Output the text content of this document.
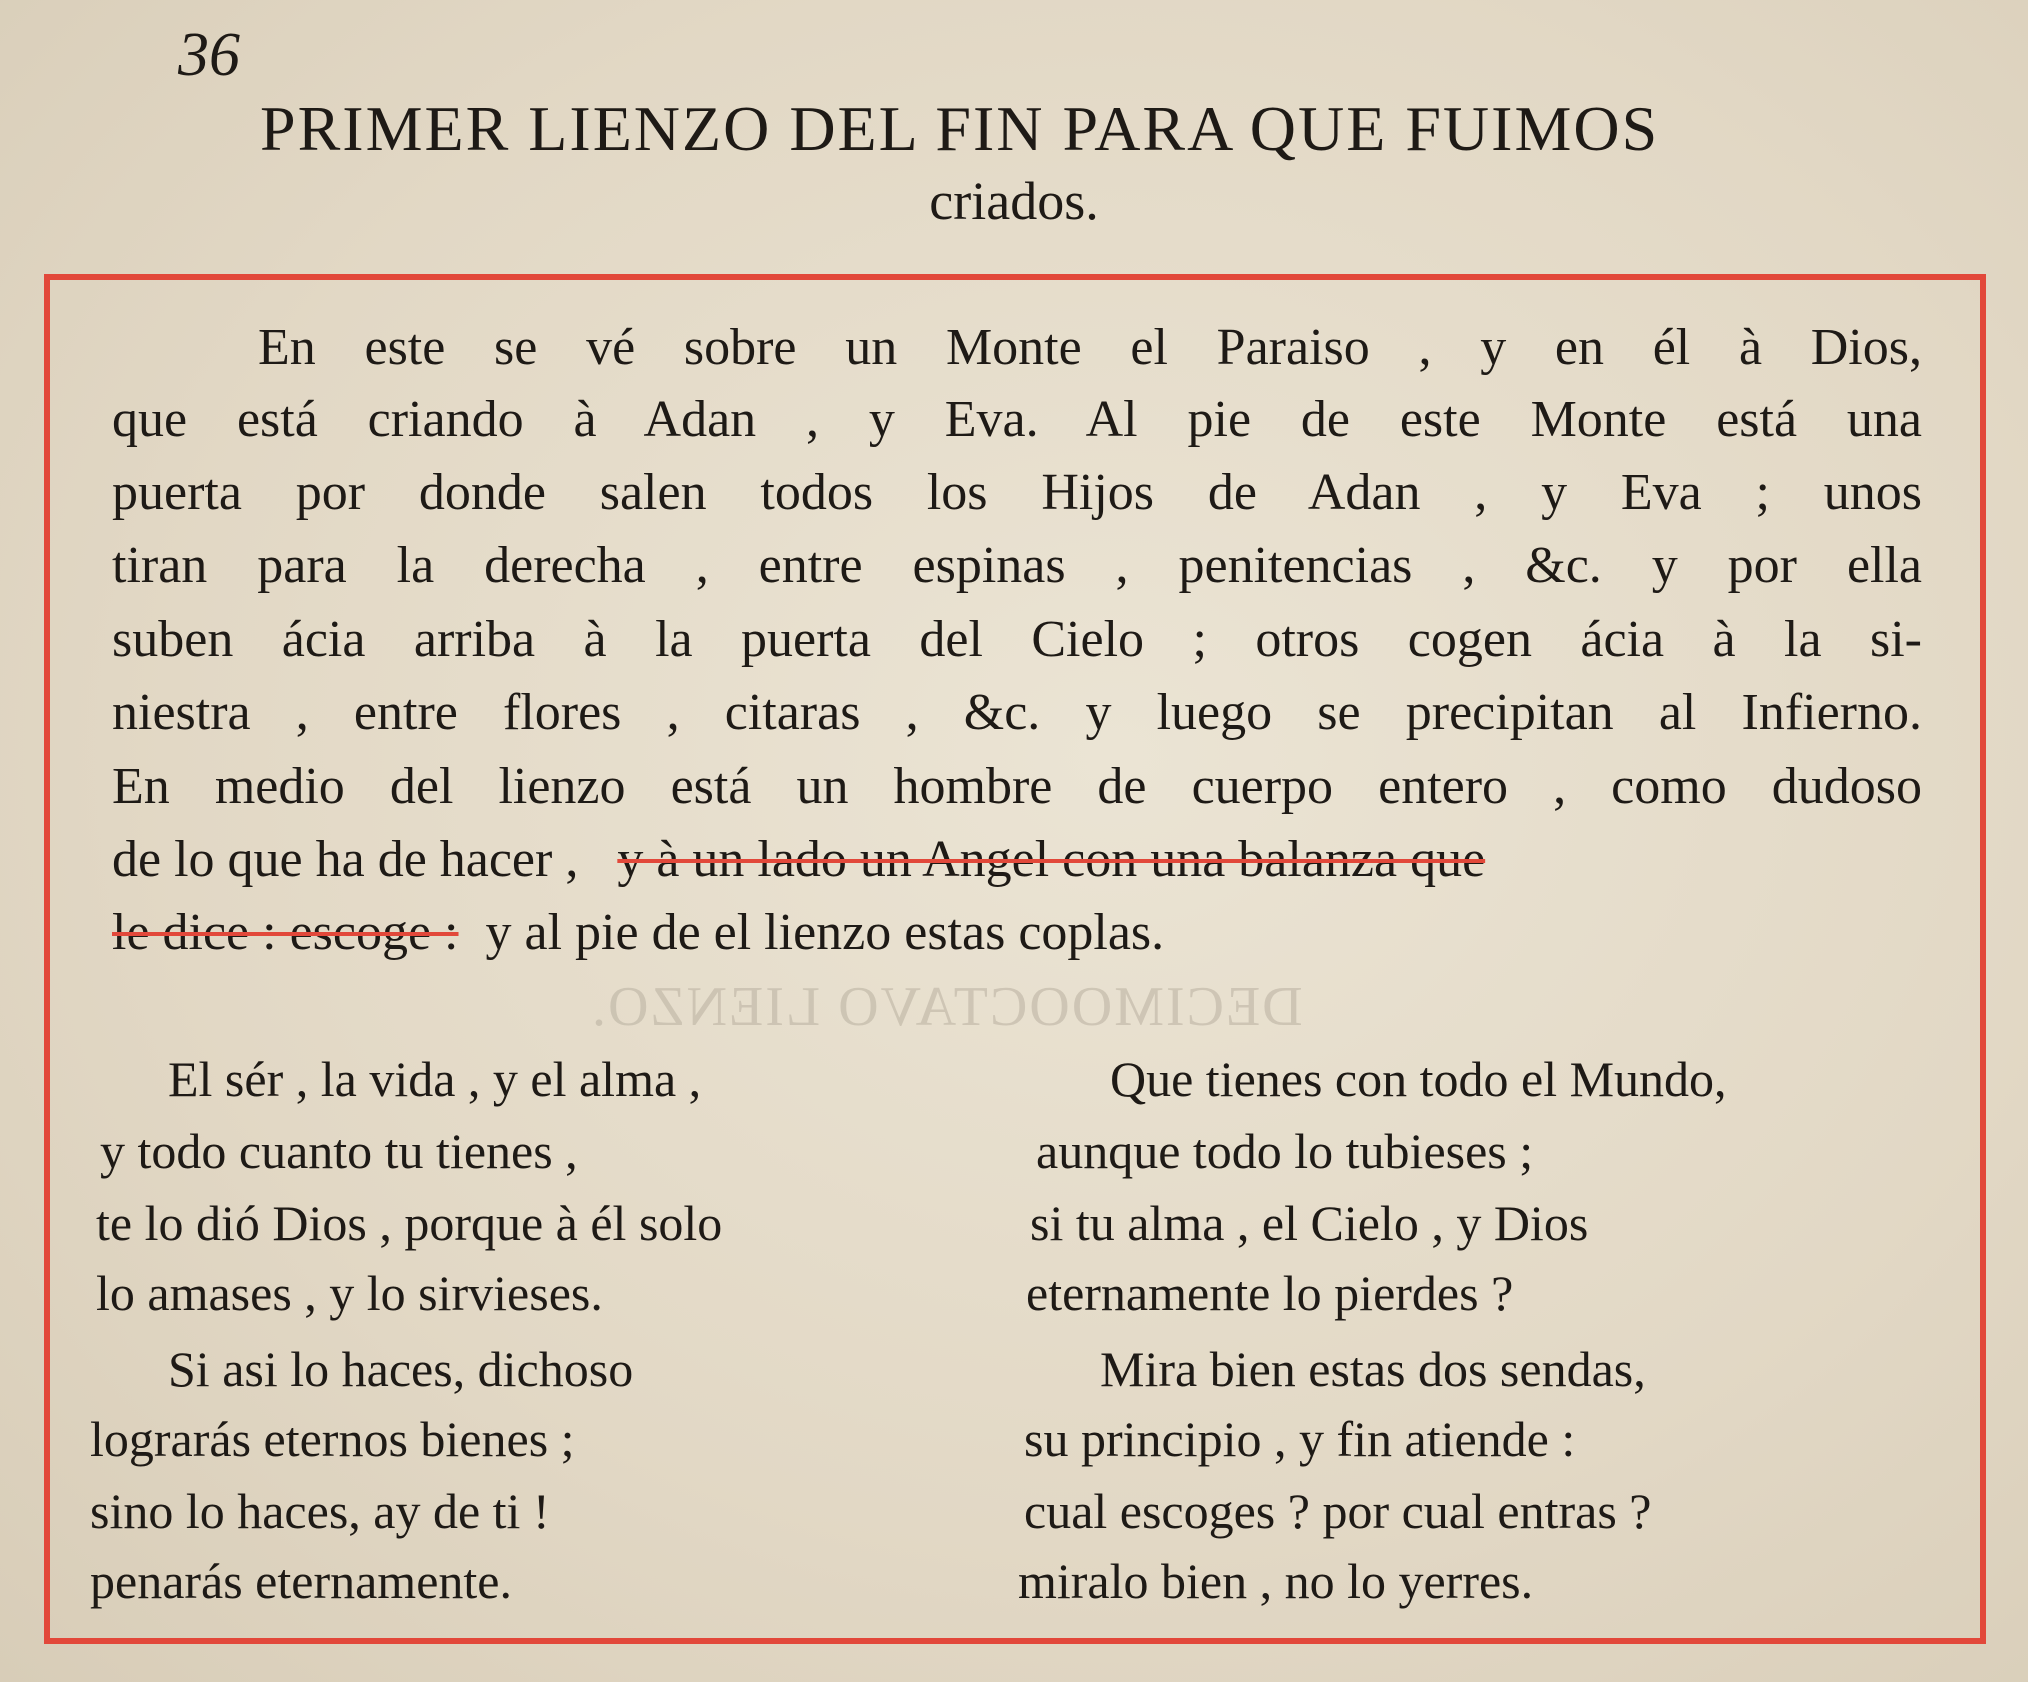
DECIMOOCTAVO LIENZO.
36
PRIMER LIENZO DEL FIN PARA QUE FUIMOS
criados.
En este se vé sobre un Monte el Paraiso , y en él à Dios,
que está criando à Adan , y Eva. Al pie de este Monte está una
puerta por donde salen todos los Hijos de Adan , y Eva ; unos
tiran para la derecha , entre espinas , penitencias , &c. y por ella
suben ácia arriba à la puerta del Cielo ; otros cogen ácia à la si-
niestra , entre flores , citaras , &c. y luego se precipitan al Infierno.
En medio del lienzo está un hombre de cuerpo entero , como dudoso
de lo que ha de hacer , y à un lado un Angel con una balanza que
le dice : escoge : y al pie de el lienzo estas coplas.
El sér , la vida , y el alma ,
y todo cuanto tu tienes ,
te lo dió Dios , porque à él solo
lo amases , y lo sirvieses.
Si asi lo haces, dichoso
lograrás eternos bienes ;
sino lo haces, ay de ti !
penarás eternamente.
Que tienes con todo el Mundo,
aunque todo lo tubieses ;
si tu alma , el Cielo , y Dios
eternamente lo pierdes ?
Mira bien estas dos sendas,
su principio , y fin atiende :
cual escoges ? por cual entras ?
miralo bien , no lo yerres.
